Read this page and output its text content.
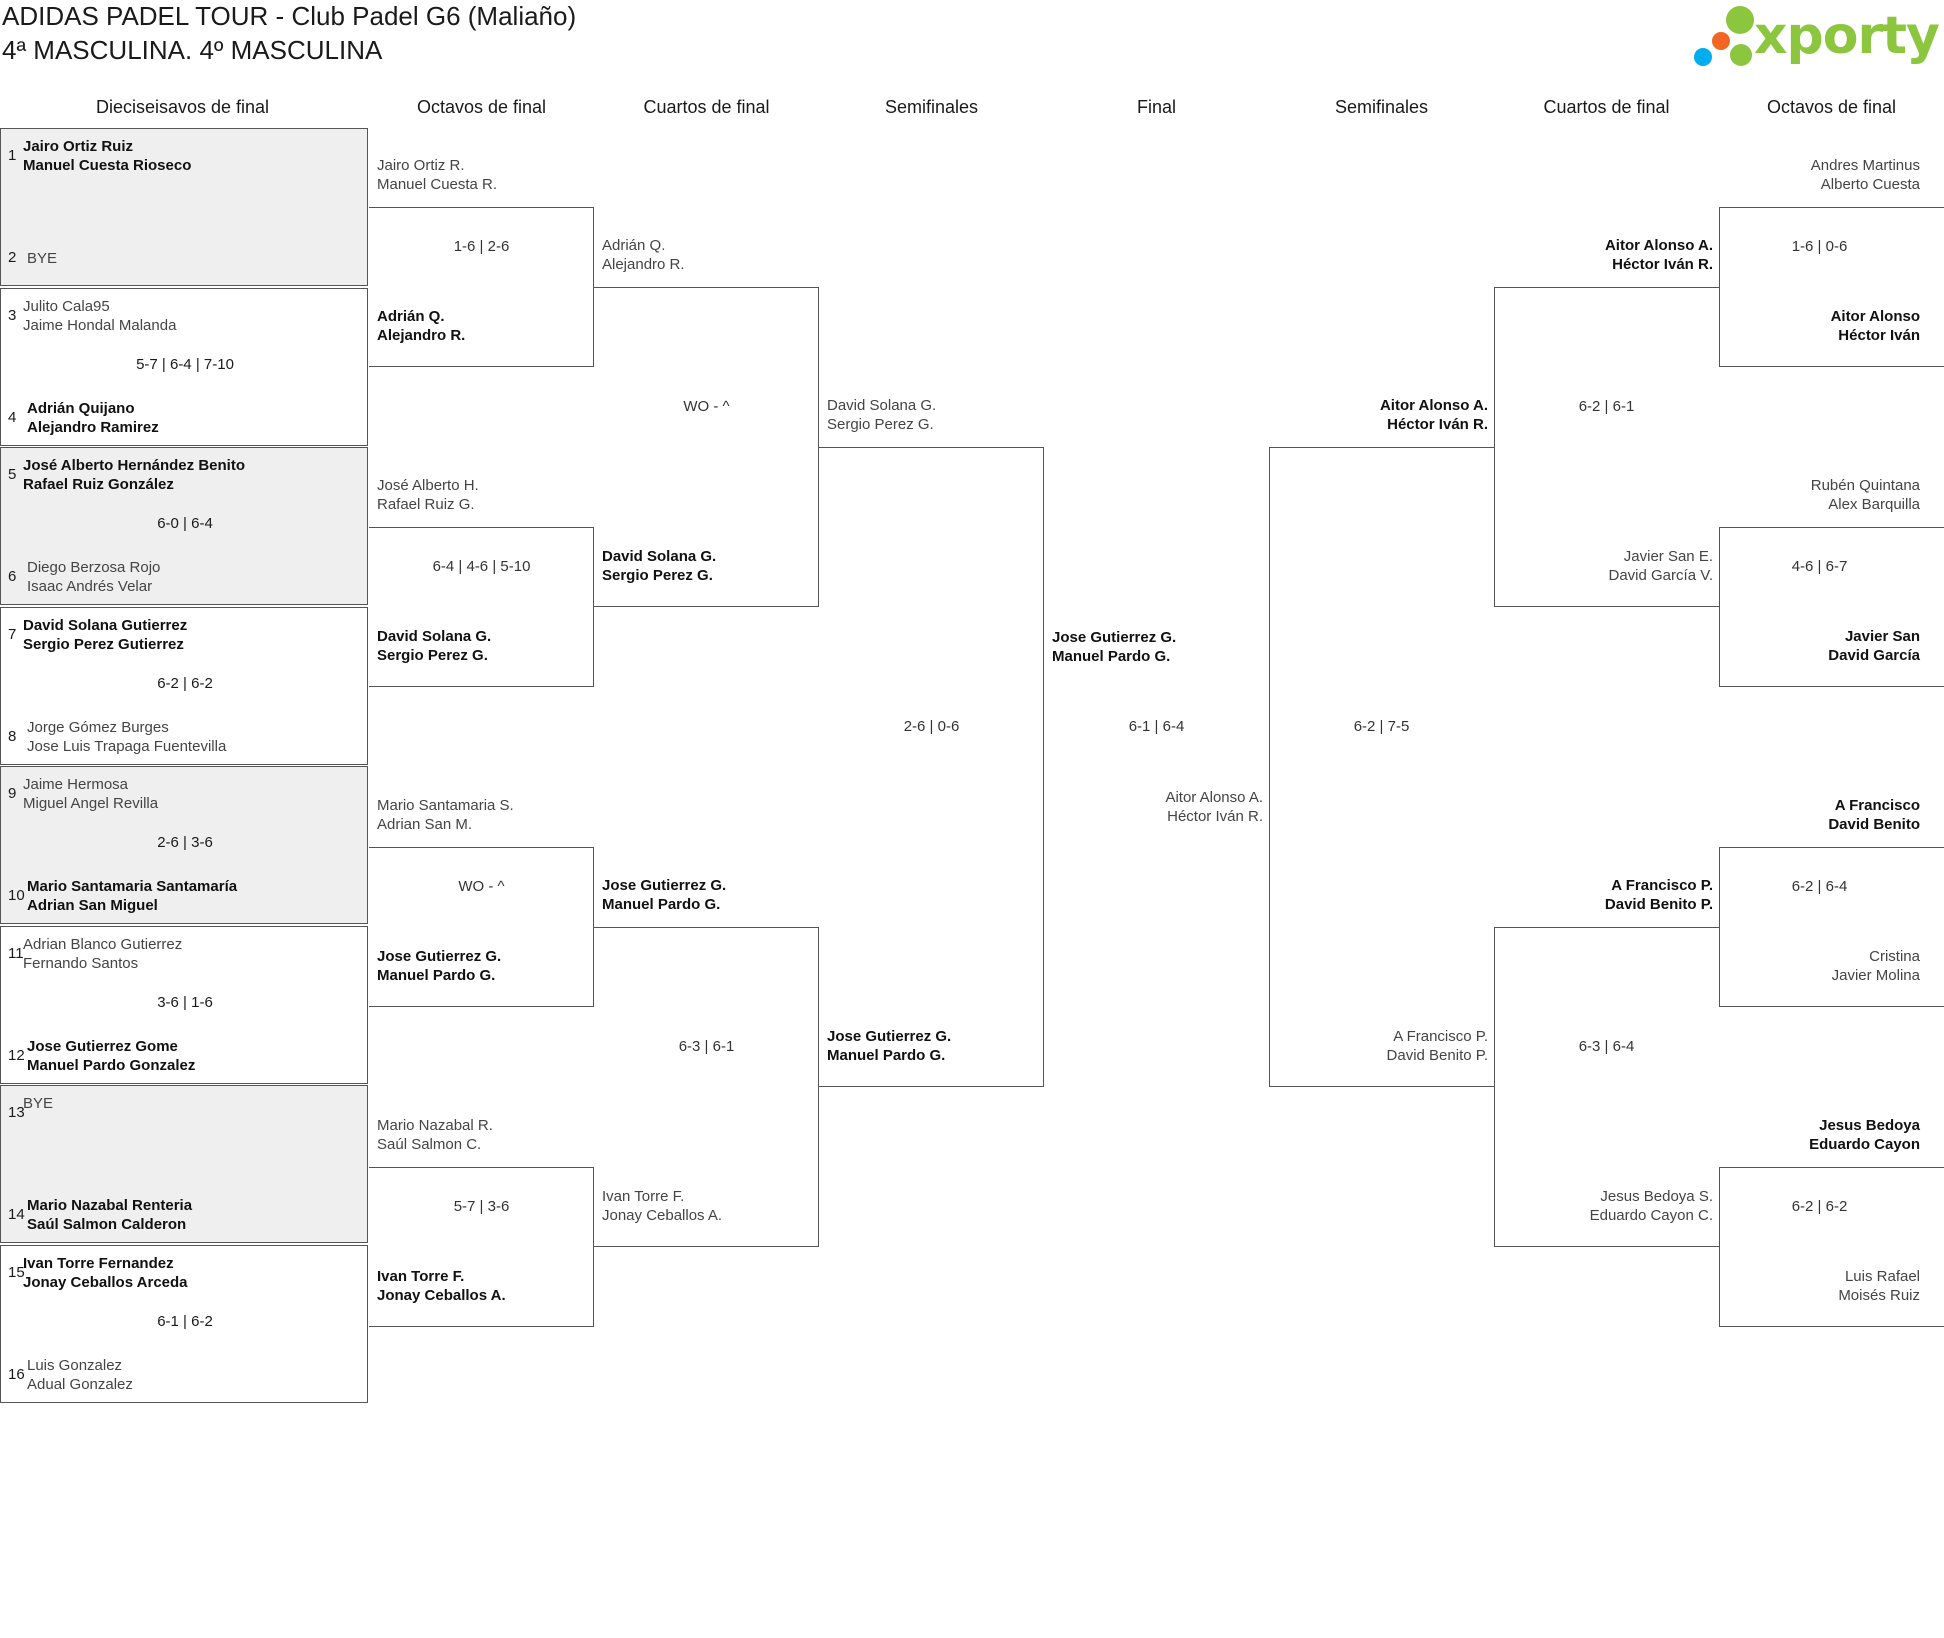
ADIDAS PADEL TOUR - Club Padel G6 (Maliaño)
4ª MASCULINA. 4º MASCULINA	xporty
Dieciseisavos de final	Octavos de final	Cuartos de final	Semifinales	Final	Semifinales	Cuartos de final	Octavos de final
1
Jairo Ortiz Ruiz
Manuel Cuesta Rioseco
2 BYE
3
Julito Cala95
Jaime Hondal Malanda
4
Adrián Quijano
Alejandro Ramirez
5-7 | 6-4 | 7-10
5
José Alberto Hernández Benito
Rafael Ruiz González
6
Diego Berzosa Rojo
Isaac Andrés Velar
6-0 | 6-4
7
David Solana Gutierrez
Sergio Perez Gutierrez
8
Jorge Gómez Burges
Jose Luis Trapaga Fuentevilla
6-2 | 6-2
9
Jaime Hermosa
Miguel Angel Revilla
10
Mario Santamaria Santamaría
Adrian San Miguel
2-6 | 3-6
11
Adrian Blanco Gutierrez
Fernando Santos
12
Jose Gutierrez Gome
Manuel Pardo Gonzalez
3-6 | 1-6
13
BYE
14
Mario Nazabal Renteria
Saúl Salmon Calderon
15
Ivan Torre Fernandez
Jonay Ceballos Arceda
16
Luis Gonzalez
Adual Gonzalez
6-1 | 6-2
Jairo Ortiz R.
Manuel Cuesta R.
Adrián Q.
Alejandro R.
1-6 | 2-6
José Alberto H.
Rafael Ruiz G.
David Solana G.
Sergio Perez G.
6-4 | 4-6 | 5-10
Mario Santamaria S.
Adrian San M.
Jose Gutierrez G.
Manuel Pardo G.
WO - ^
Mario Nazabal R.
Saúl Salmon C.
Ivan Torre F.
Jonay Ceballos A.
5-7 | 3-6
Adrián Q.
Alejandro R.
David Solana G.
Sergio Perez G.
WO - ^
Jose Gutierrez G.
Manuel Pardo G.
Ivan Torre F.
Jonay Ceballos A.
6-3 | 6-1
David Solana G.
Sergio Perez G.
Jose Gutierrez G.
Manuel Pardo G.
2-6 | 0-6
Jose Gutierrez G.
Manuel Pardo G.
6-1 | 6-4
Aitor Alonso A.
Héctor Iván R.
Aitor Alonso A.
Héctor Iván R.
A Francisco P.
David Benito P.
6-2 | 7-5
Aitor Alonso A.
Héctor Iván R.
Javier San E.
David García V.
6-2 | 6-1
A Francisco P.
David Benito P.
Jesus Bedoya S.
Eduardo Cayon C.
6-3 | 6-4
Andres Martinus
Alberto Cuesta
Aitor Alonso
Héctor Iván
1-6 | 0-6
Rubén Quintana
Alex Barquilla
Javier San
David García
4-6 | 6-7
A Francisco
David Benito
Cristina
Javier Molina
6-2 | 6-4
Jesus Bedoya
Eduardo Cayon
Luis Rafael
Moisés Ruiz
6-2 | 6-2
